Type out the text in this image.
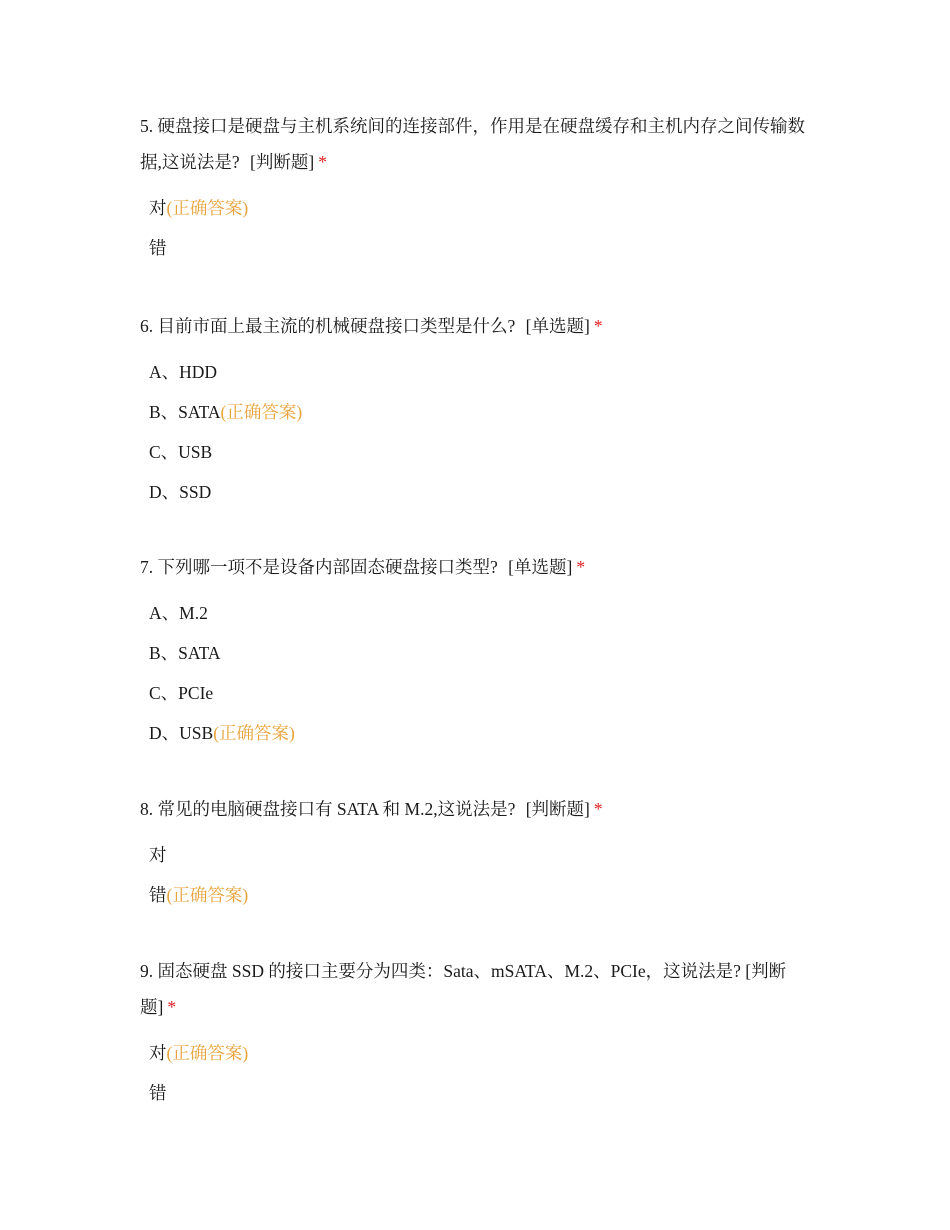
5. 硬盘接口是硬盘与主机系统间的连接部件，作用是在硬盘缓存和主机内存之间传输数据,这说法是? [判断题] *

对(正确答案)
错

6. 目前市面上最主流的机械硬盘接口类型是什么? [单选题] *

A、HDD
B、SATA(正确答案)
C、USB
D、SSD

7. 下列哪一项不是设备内部固态硬盘接口类型? [单选题] *

A、M.2
B、SATA
C、PCIe
D、USB(正确答案)

8. 常见的电脑硬盘接口有 SATA 和 M.2,这说法是? [判断题] *

对
错(正确答案)

9. 固态硬盘 SSD 的接口主要分为四类：Sata、mSATA、M.2、PCIe，这说法是? [判断题] *

对(正确答案)
错
